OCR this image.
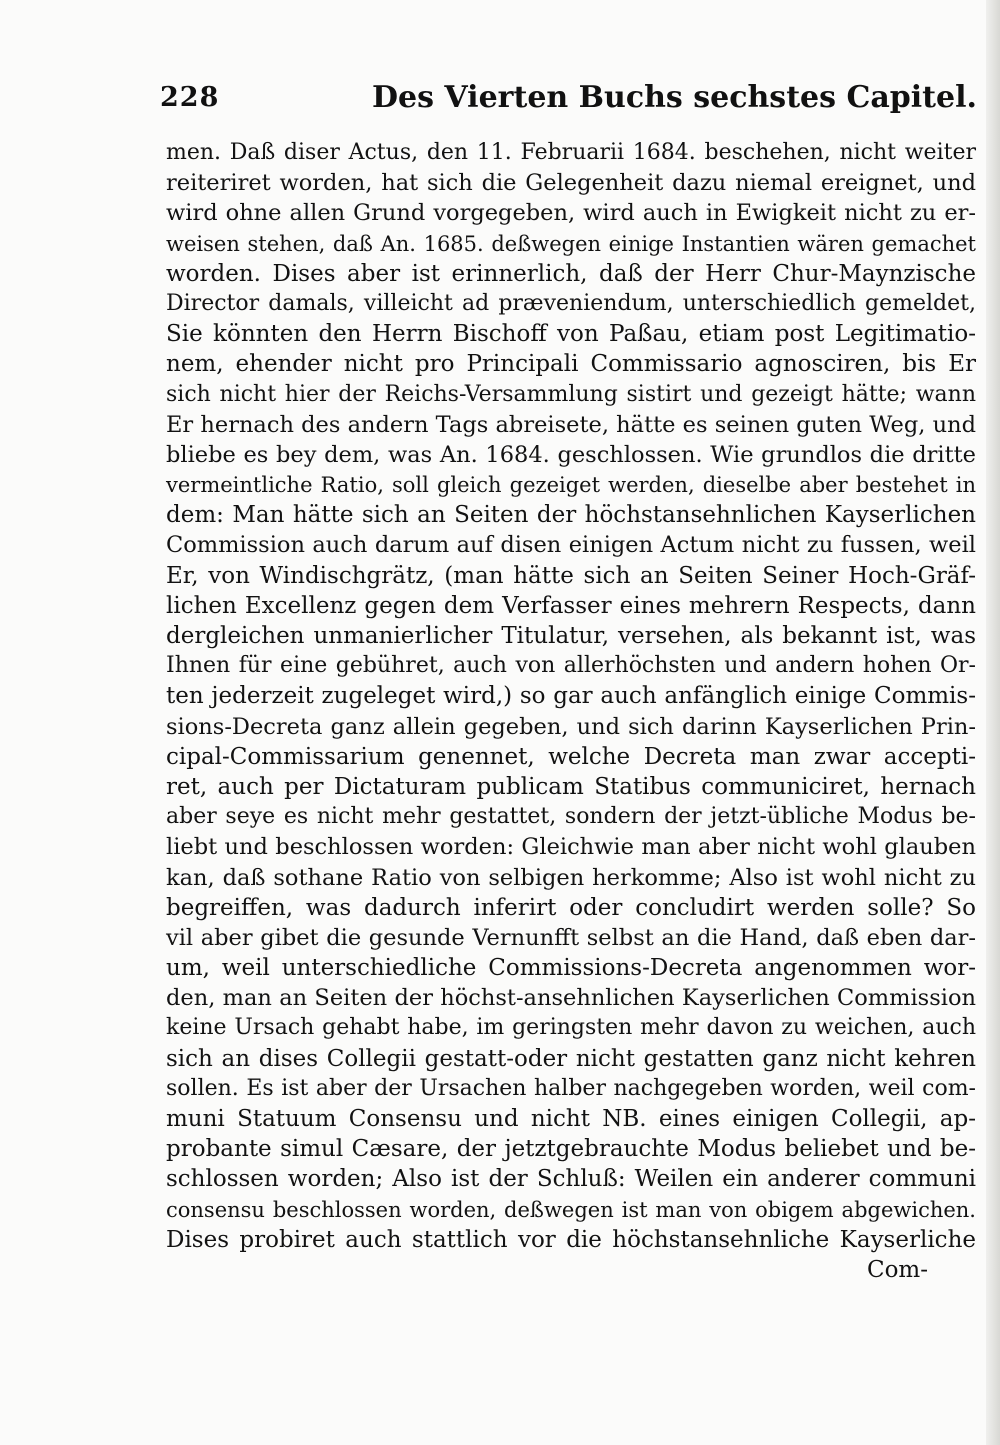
228	Des Vierten Buchs sechstes Capitel.
men. Daß diser Actus, den 11. Februarii 1684. beschehen, nicht weiter
reiteriret worden, hat sich die Gelegenheit dazu niemal ereignet, und
wird ohne allen Grund vorgegeben, wird auch in Ewigkeit nicht zu er-
weisen stehen, daß An. 1685. deßwegen einige Instantien wären gemachet
worden. Dises aber ist erinnerlich, daß der Herr Chur-Maynzische
Director damals, villeicht ad præveniendum, unterschiedlich gemeldet,
Sie könnten den Herrn Bischoff von Paßau, etiam post Legitimatio-
nem, ehender nicht pro Principali Commissario agnosciren, bis Er
sich nicht hier der Reichs-Versammlung sistirt und gezeigt hätte; wann
Er hernach des andern Tags abreisete, hätte es seinen guten Weg, und
bliebe es bey dem, was An. 1684. geschlossen. Wie grundlos die dritte
vermeintliche Ratio, soll gleich gezeiget werden, dieselbe aber bestehet in
dem: Man hätte sich an Seiten der höchstansehnlichen Kayserlichen
Commission auch darum auf disen einigen Actum nicht zu fussen, weil
Er, von Windischgrätz, (man hätte sich an Seiten Seiner Hoch-Gräf-
lichen Excellenz gegen dem Verfasser eines mehrern Respects, dann
dergleichen unmanierlicher Titulatur, versehen, als bekannt ist, was
Ihnen für eine gebühret, auch von allerhöchsten und andern hohen Or-
ten jederzeit zugeleget wird,) so gar auch anfänglich einige Commis-
sions-Decreta ganz allein gegeben, und sich darinn Kayserlichen Prin-
cipal-Commissarium genennet, welche Decreta man zwar accepti-
ret, auch per Dictaturam publicam Statibus communiciret, hernach
aber seye es nicht mehr gestattet, sondern der jetzt-übliche Modus be-
liebt und beschlossen worden: Gleichwie man aber nicht wohl glauben
kan, daß sothane Ratio von selbigen herkomme; Also ist wohl nicht zu
begreiffen, was dadurch inferirt oder concludirt werden solle? So
vil aber gibet die gesunde Vernunfft selbst an die Hand, daß eben dar-
um, weil unterschiedliche Commissions-Decreta angenommen wor-
den, man an Seiten der höchst-ansehnlichen Kayserlichen Commission
keine Ursach gehabt habe, im geringsten mehr davon zu weichen, auch
sich an dises Collegii gestatt-oder nicht gestatten ganz nicht kehren
sollen. Es ist aber der Ursachen halber nachgegeben worden, weil com-
muni Statuum Consensu und nicht NB. eines einigen Collegii, ap-
probante simul Cæsare, der jetztgebrauchte Modus beliebet und be-
schlossen worden; Also ist der Schluß: Weilen ein anderer communi
consensu beschlossen worden, deßwegen ist man von obigem abgewichen.
Dises probiret auch stattlich vor die höchstansehnliche Kayserliche
Com-
